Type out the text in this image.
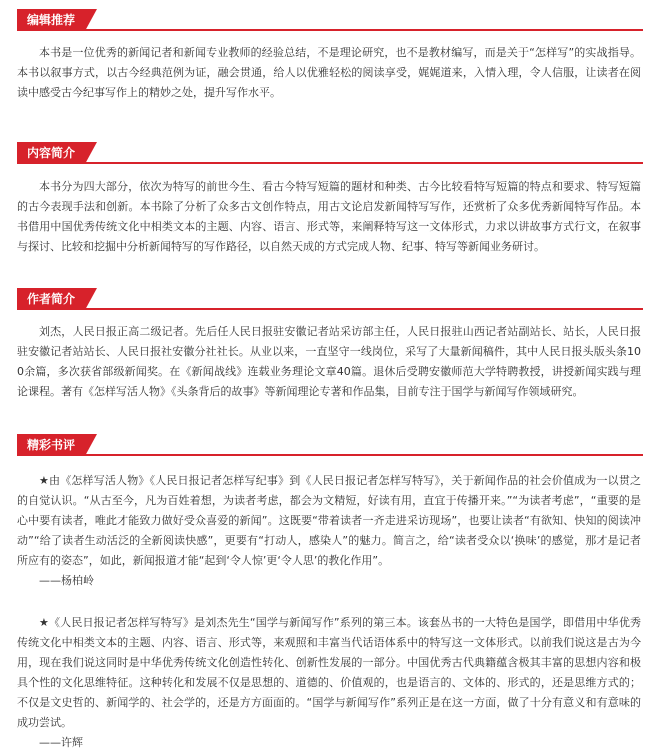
编辑推荐

本书是一位优秀的新闻记者和新闻专业教师的经验总结，不是理论研究，也不是教材编写，而是关于“怎样写”的实战指导。本书以叙事方式，以古今经典范例为证，融会贯通，给人以优雅轻松的阅读享受，娓娓道来，入情入理，令人信服，让读者在阅读中感受古今纪事写作上的精妙之处，提升写作水平。

内容简介

本书分为四大部分，依次为特写的前世今生、看古今特写短篇的题材和种类、古今比较看特写短篇的特点和要求、特写短篇的古今表现手法和创新。本书除了分析了众多古文创作特点，用古文论启发新闻特写写作，还赏析了众多优秀新闻特写作品。本书借用中国优秀传统文化中相类文本的主题、内容、语言、形式等，来阐释特写这一文体形式，力求以讲故事方式行文，在叙事与探讨、比较和挖掘中分析新闻特写的写作路径，以自然天成的方式完成人物、纪事、特写等新闻业务研讨。

作者简介

刘杰，人民日报正高二级记者。先后任人民日报驻安徽记者站采访部主任，人民日报驻山西记者站副站长、站长，人民日报驻安徽记者站站长、人民日报社安徽分社社长。从业以来，一直坚守一线岗位，采写了大量新闻稿件，其中人民日报头版头条100余篇，多次获省部级新闻奖。在《新闻战线》连载业务理论文章40篇。退休后受聘安徽师范大学特聘教授，讲授新闻实践与理论课程。著有《怎样写活人物》《头条背后的故事》等新闻理论专著和作品集，目前专注于国学与新闻写作领域研究。

精彩书评

★由《怎样写活人物》《人民日报记者怎样写纪事》到《人民日报记者怎样写特写》，关于新闻作品的社会价值成为一以贯之的自觉认识。“从古至今，凡为百姓着想，为读者考虑，都会为文精短，好读有用，直宜于传播开来。”“为读者考虑”，“重要的是心中要有读者，唯此才能致力做好受众喜爱的新闻”。这既要“带着读者一齐走进采访现场”，也要让读者“有欲知、快知的阅读冲动”“给了读者生动活泛的全新阅读快感”，更要有“打动人，感染人”的魅力。简言之，给“读者受众以‘换味’的感觉，那才是记者所应有的姿态”，如此，新闻报道才能“起到‘令人惊’更‘令人思’的教化作用”。

——杨柏岭

★《人民日报记者怎样写特写》是刘杰先生“国学与新闻写作”系列的第三本。该套丛书的一大特色是国学，即借用中华优秀传统文化中相类文本的主题、内容、语言、形式等，来观照和丰富当代话语体系中的特写这一文体形式。以前我们说这是古为今用，现在我们说这同时是中华优秀传统文化创造性转化、创新性发展的一部分。中国优秀古代典籍蕴含极其丰富的思想内容和极具个性的文化思维特征。这种转化和发展不仅是思想的、道德的、价值观的，也是语言的、文体的、形式的，还是思维方式的；不仅是文史哲的、新闻学的、社会学的，还是方方面面的。“国学与新闻写作”系列正是在这一方面，做了十分有意义和有意味的成功尝试。

——许辉
